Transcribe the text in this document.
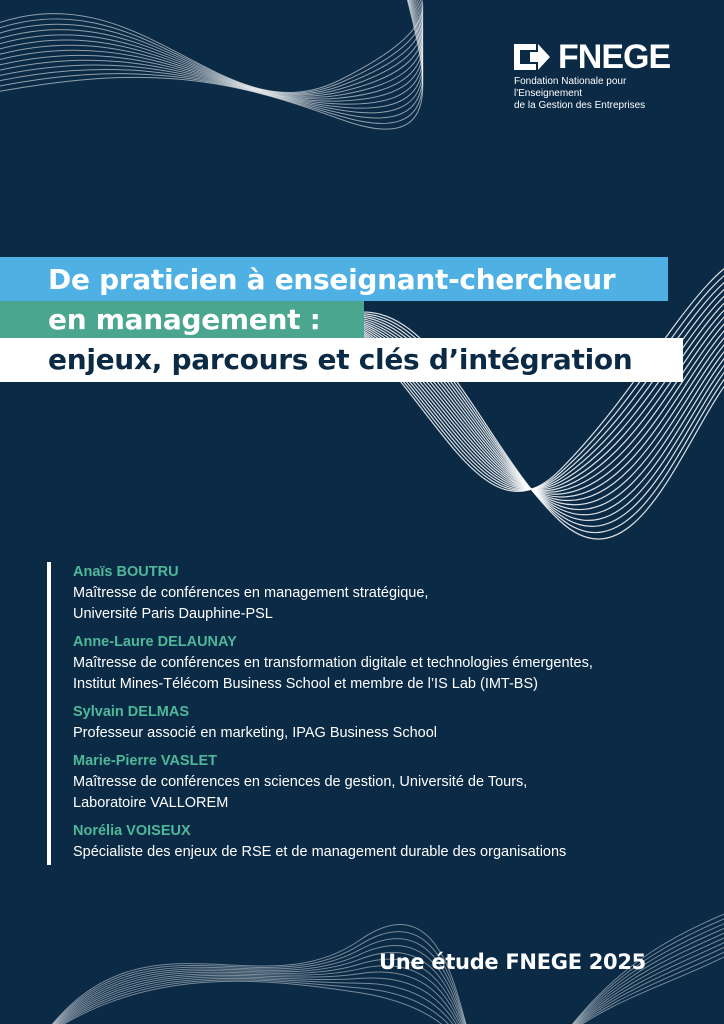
FNEGE
Fondation Nationale pour l'Enseignement
de la Gestion des Entreprises
De praticien à enseignant-chercheur
en management :
enjeux, parcours et clés d’intégration
Anaïs BOUTRU
Maîtresse de conférences en management stratégique,
Université Paris Dauphine-PSL
Anne-Laure DELAUNAY
Maîtresse de conférences en transformation digitale et technologies émergentes,
Institut Mines-Télécom Business School et membre de l’IS Lab (IMT-BS)
Sylvain DELMAS
Professeur associé en marketing, IPAG Business School
Marie-Pierre VASLET
Maîtresse de conférences en sciences de gestion, Université de Tours,
Laboratoire VALLOREM
Norélia VOISEUX
Spécialiste des enjeux de RSE et de management durable des organisations
Une étude FNEGE 2025
